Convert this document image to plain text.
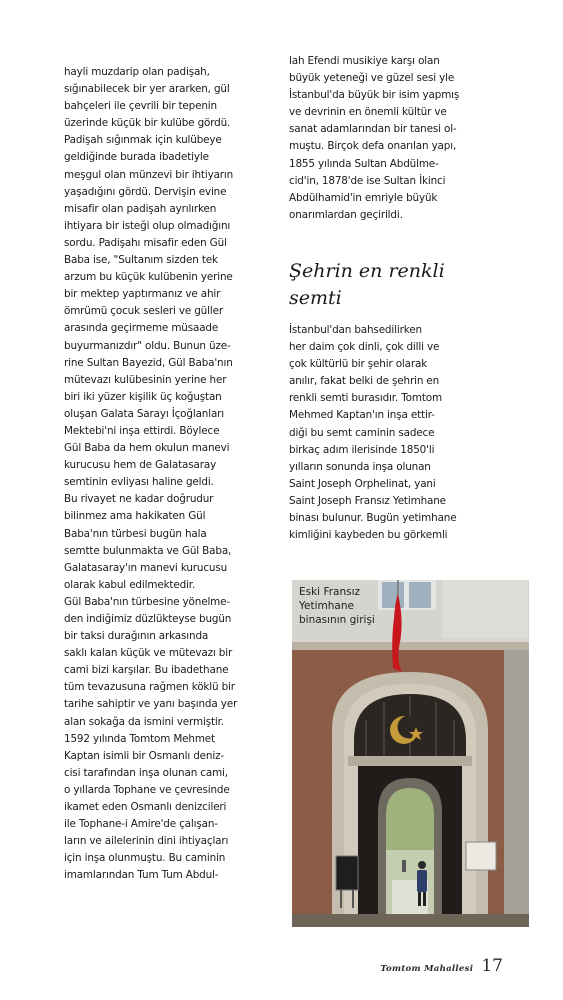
hayli muzdarip olan padişah,

sığınabilecek bir yer ararken, gül

bahçeleri ile çevrili bir tepenin

üzerinde küçük bir kulübe gördü.

Padişah sığınmak için kulübeye

geldiğinde burada ibadetiyle

meşgul olan münzevi bir ihtiyarın

yaşadığını gördü. Dervişin evine

misafir olan padişah ayrılırken

ihtiyara bir isteği olup olmadığını

sordu. Padişahı misafir eden Gül

Baba ise, "Sultanım sizden tek

arzum bu küçük kulübenin yerine

bir mektep yaptırmanız ve ahir

ömrümü çocuk sesleri ve güller

arasında geçirmeme müsaade

buyurmanızdır" oldu. Bunun üze-

rine Sultan Bayezid, Gül Baba'nın

mütevazı kulübesinin yerine her

biri iki yüzer kişilik üç koğuştan

oluşan Galata Sarayı İçoğlanları

Mektebi'ni inşa ettirdi. Böylece

Gül Baba da hem okulun manevi

kurucusu hem de Galatasaray

semtinin evliyası haline geldi.

Bu rivayet ne kadar doğrudur

bilinmez ama hakikaten Gül

Baba'nın türbesi bugün hala

semtte bulunmakta ve Gül Baba,

Galatasaray'ın manevi kurucusu

olarak kabul edilmektedir.

Gül Baba'nın türbesine yönelme-

den indiğimiz düzlükteyse bugün

bir taksi durağının arkasında

saklı kalan küçük ve mütevazı bir

cami bizi karşılar. Bu ibadethane

tüm tevazusuna rağmen köklü bir

tarihe sahiptir ve yanı başında yer

alan sokağa da ismini vermiştir.

1592 yılında Tomtom Mehmet

Kaptan isimli bir Osmanlı deniz-

cisi tarafından inşa olunan cami,

o yıllarda Tophane ve çevresinde

ikamet eden Osmanlı denizcileri

ile Tophane-i Amire'de çalışan-

ların ve ailelerinin dini ihtiyaçları

için inşa olunmuştu. Bu caminin

imamlarından Tum Tum Abdul-

lah Efendi musikiye karşı olan

büyük yeteneği ve güzel sesi yle

İstanbul'da büyük bir isim yapmış

ve devrinin en önemli kültür ve

sanat adamlarından bir tanesi ol-

muştu. Birçok defa onarılan yapı,

1855 yılında Sultan Abdülme-

cid'in, 1878'de ise Sultan İkinci

Abdülhamid'in emriyle büyük

onarımlardan geçirildi.

Şehrin en renkli
semti

İstanbul'dan bahsedilirken

her daim çok dinli, çok dilli ve

çok kültürlü bir şehir olarak

anılır, fakat belki de şehrin en

renkli semti burasıdır. Tomtom

Mehmed Kaptan'ın inşa ettir-

diği bu semt caminin sadece

birkaç adım ilerisinde 1850'li

yılların sonunda inşa olunan

Saint Joseph Orphelinat, yani

Saint Joseph Fransız Yetimhane

binası bulunur. Bugün yetimhane

kimliğini kaybeden bu görkemli

Eski Fransız
Yetimhane
binasının girişi
Tomtom Mahallesi 17
